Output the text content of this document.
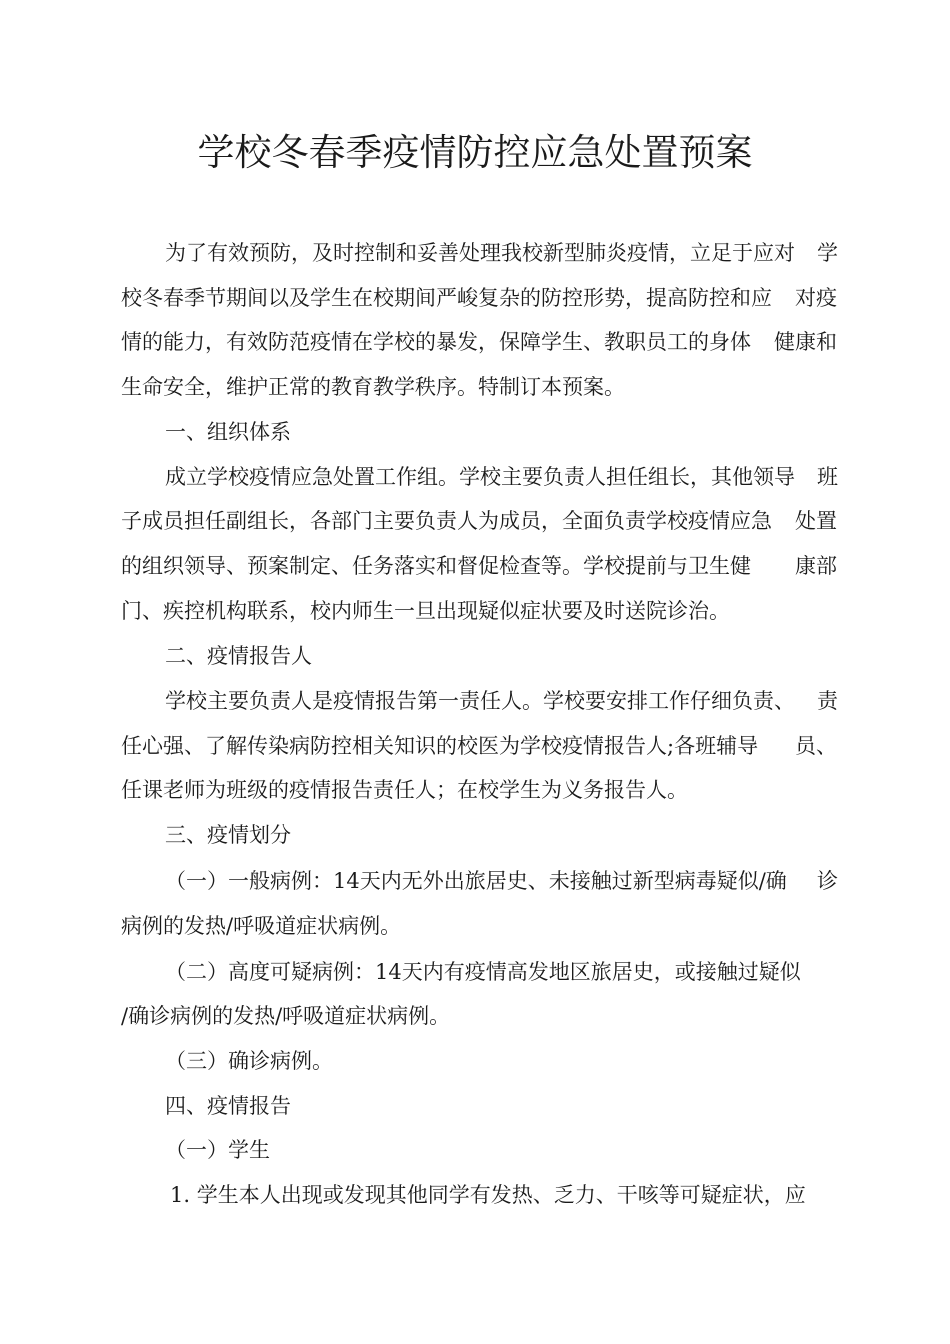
学校冬春季疫情防控应急处置预案
为了有效预防，及时控制和妥善处理我校新型肺炎疫情，立足于应对 学
校冬春季节期间以及学生在校期间严峻复杂的防控形势，提高防控和应 对疫
情的能力，有效防范疫情在学校的暴发，保障学生、教职员工的身体 健康和
生命安全，维护正常的教育教学秩序。特制订本预案。
一、组织体系
成立学校疫情应急处置工作组。学校主要负责人担任组长，其他领导 班
子成员担任副组长，各部门主要负责人为成员，全面负责学校疫情应急 处置
的组织领导、预案制定、任务落实和督促检查等。学校提前与卫生健 康部
门、疾控机构联系，校内师生一旦出现疑似症状要及时送院诊治。
二、疫情报告人
学校主要负责人是疫情报告第一责任人。学校要安排工作仔细负责、 责
任心强、了解传染病防控相关知识的校医为学校疫情报告人;各班辅导 员、
任课老师为班级的疫情报告责任人；在校学生为义务报告人。
三、疫情划分
（一）一般病例：14天内无外出旅居史、未接触过新型病毒疑似/确 诊
病例的发热/呼吸道症状病例。
（二）高度可疑病例：14天内有疫情高发地区旅居史，或接触过疑似
/确诊病例的发热/呼吸道症状病例。
（三）确诊病例。
四、疫情报告
（一）学生
1. 学生本人出现或发现其他同学有发热、乏力、干咳等可疑症状，应
